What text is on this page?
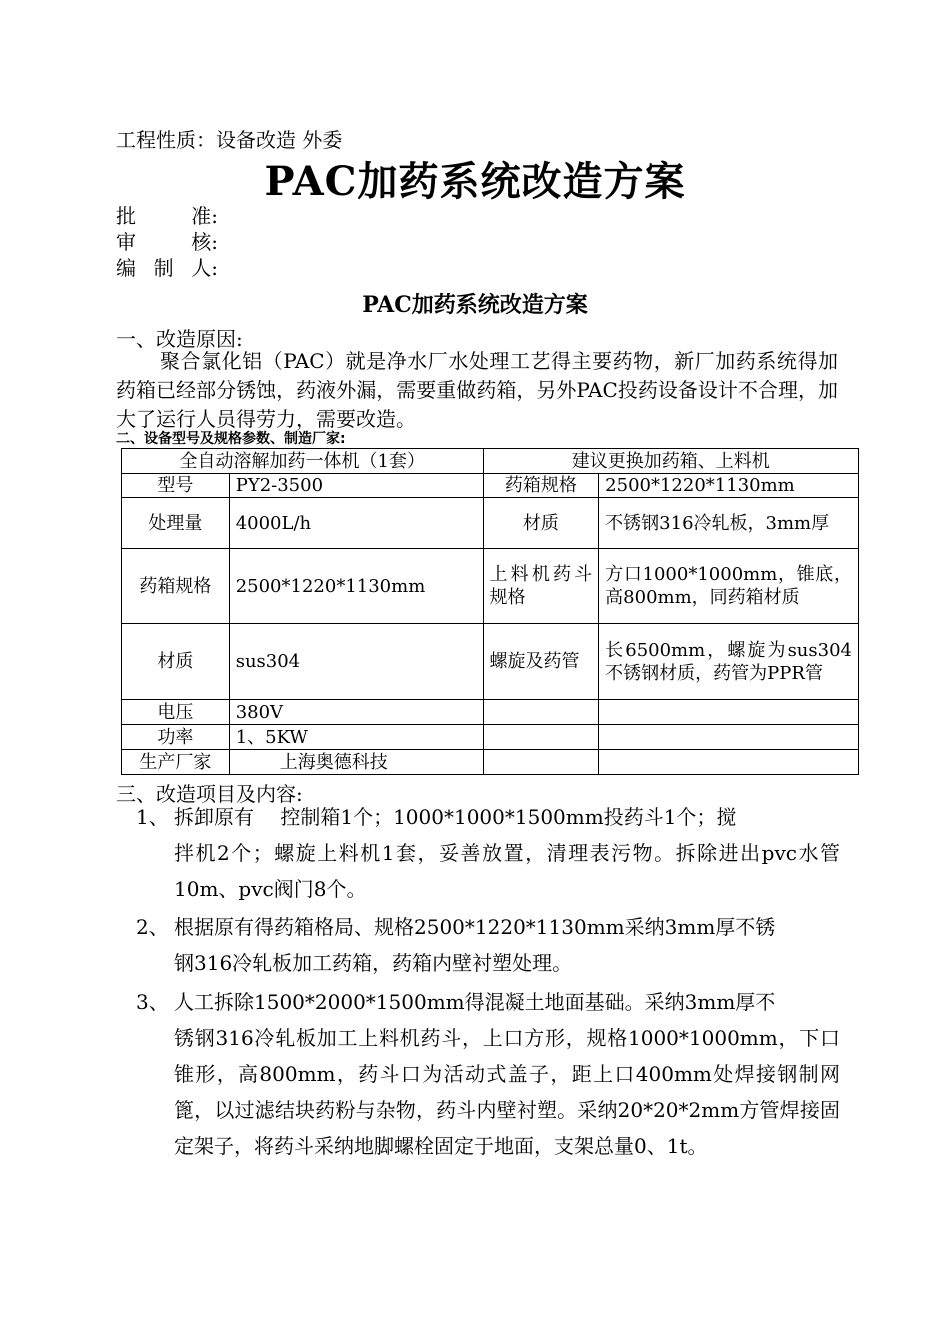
工程性质：设备改造 外委
PAC加药系统改造方案
批	准:
审	核:
编 制 人:
PAC加药系统改造方案
一、改造原因:
聚合氯化铝（PAC）就是净水厂水处理工艺得主要药物，新厂加药系统得加药箱已经部分锈蚀，药液外漏，需要重做药箱，另外PAC投药设备设计不合理，加大了运行人员得劳力，需要改造。
二、设备型号及规格参数、制造厂家:
全自动溶解加药一体机（1套）		建议更换加药箱、上料机	
型号	PY2-3500	药箱规格	2500*1220*1130mm
处理量	4000L/h	材质	不锈钢316冷轧板，3mm厚
药箱规格	2500*1220*1130mm	上料机药斗规格	方口1000*1000mm，锥底，高800mm，同药箱材质
材质	sus304	螺旋及药管	长6500mm，螺旋为sus304不锈钢材质，药管为PPR管
电压	380V		
功率	1、5KW		
生产厂家	上海奥德科技		
三、改造项目及内容:
1、 拆卸原有　 控制箱1个；1000*1000*1500mm投药斗1个；搅
拌机2个；螺旋上料机1套，妥善放置，清理表污物。拆除进出pvc水管10m、pvc阀门8个。
2、 根据原有得药箱格局、规格2500*1220*1130mm采纳3mm厚不锈
钢316冷轧板加工药箱，药箱内壁衬塑处理。
3、 人工拆除1500*2000*1500mm得混凝土地面基础。采纳3mm厚不
锈钢316冷轧板加工上料机药斗，上口方形，规格1000*1000mm，下口锥形，高800mm，药斗口为活动式盖子，距上口400mm处焊接钢制网篦，以过滤结块药粉与杂物，药斗内壁衬塑。采纳20*20*2mm方管焊接固定架子，将药斗采纳地脚螺栓固定于地面，支架总量0、1t。
